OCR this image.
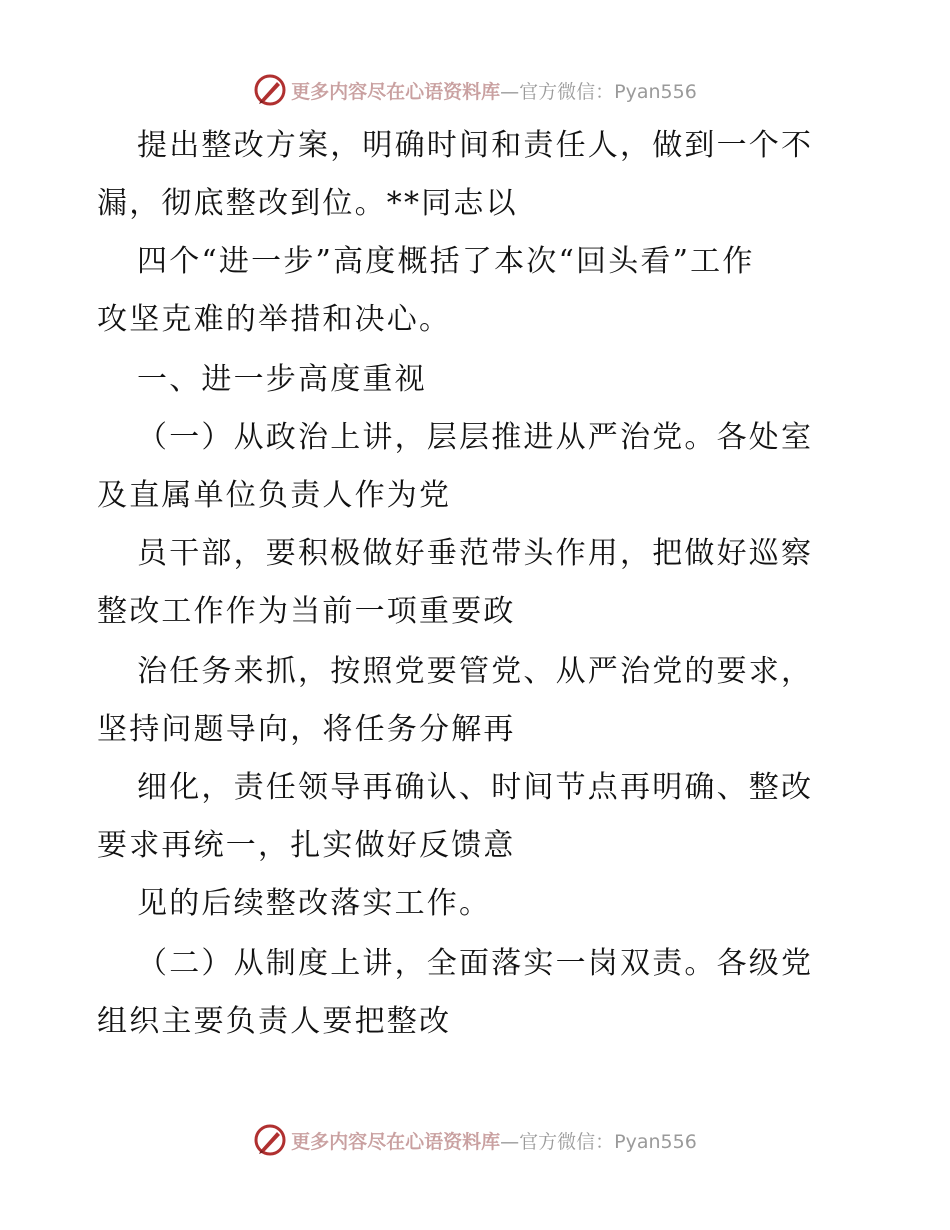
更多内容尽在心语资料库—官方微信：Pyan556
提出整改方案，明确时间和责任人，做到一个不
漏，彻底整改到位。**同志以
四个“进一步”高度概括了本次“回头看”工作
攻坚克难的举措和决心。
一、进一步高度重视
（一）从政治上讲，层层推进从严治党。各处室
及直属单位负责人作为党
员干部，要积极做好垂范带头作用，把做好巡察
整改工作作为当前一项重要政
治任务来抓，按照党要管党、从严治党的要求，
坚持问题导向，将任务分解再
细化，责任领导再确认、时间节点再明确、整改
要求再统一，扎实做好反馈意
见的后续整改落实工作。
（二）从制度上讲，全面落实一岗双责。各级党
组织主要负责人要把整改
更多内容尽在心语资料库—官方微信：Pyan556
